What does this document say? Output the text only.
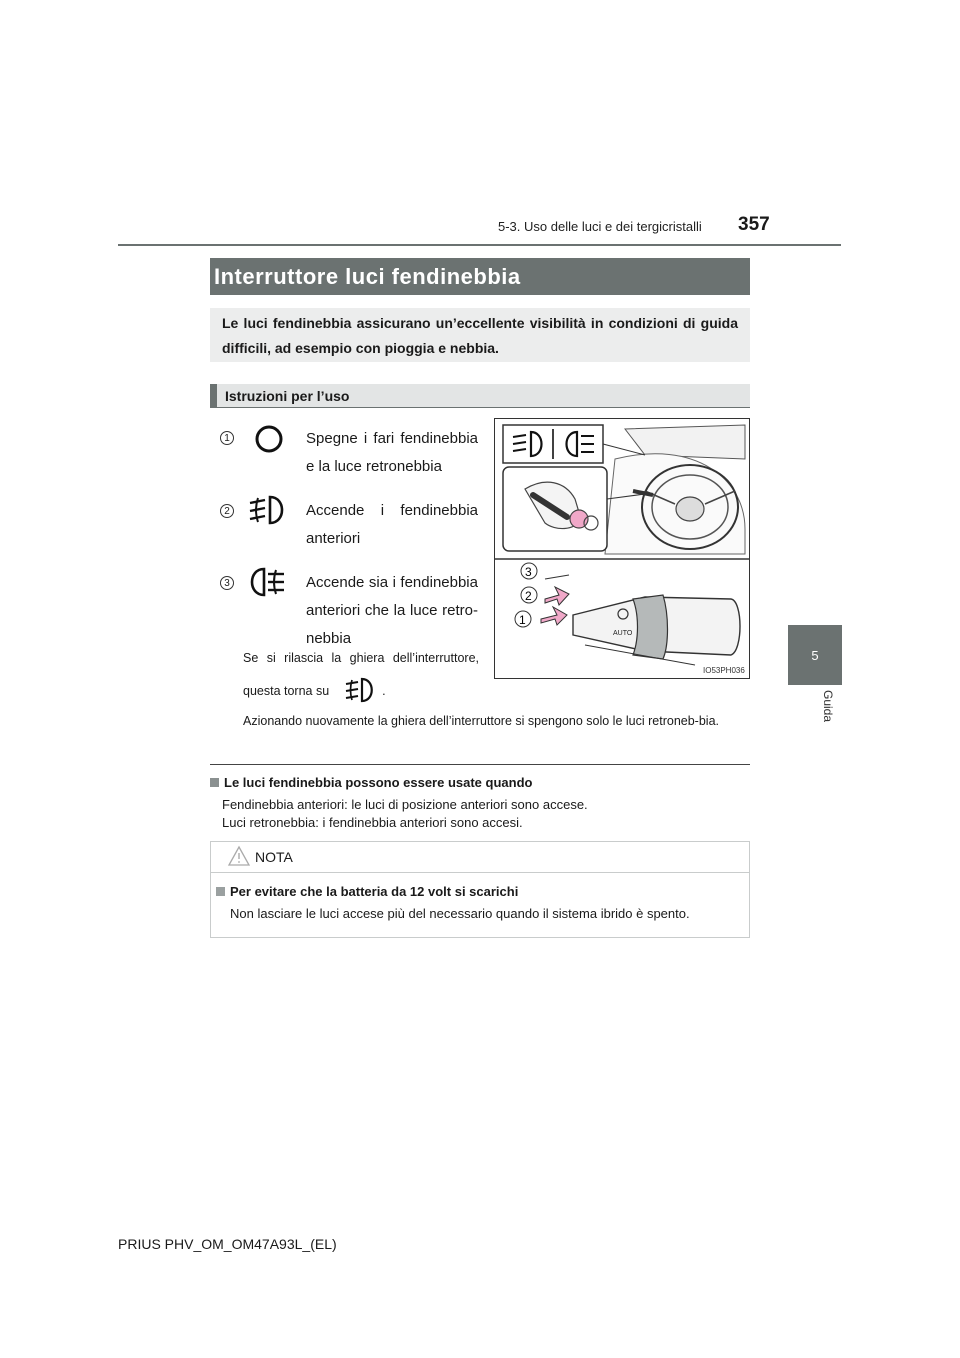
5-3. Uso delle luci e dei tergicristalli 357
5
Guida
Interruttore luci fendinebbia
Le luci fendinebbia assicurano un’eccellente visibilità in condizioni di guida difficili, ad esempio con pioggia e nebbia.
Istruzioni per l’uso
1	Spegne i fari fendinebbia
e la luce retronebbia
2	Accende i fendinebbia
anteriori
3	Accende sia i fendinebbia
anteriori che la luce retro-
nebbia
Se si rilascia la ghiera dell’interruttore,
questa torna su	.
Azionando nuovamente la ghiera dell’interruttore si spengono solo le luci retroneb-bia.
AUTO
3
2
1
IO53PH036
Le luci fendinebbia possono essere usate quando
Fendinebbia anteriori: le luci di posizione anteriori sono accese.
Luci retronebbia: i fendinebbia anteriori sono accesi.
NOTA
Per evitare che la batteria da 12 volt si scarichi
Non lasciare le luci accese più del necessario quando il sistema ibrido è spento.
PRIUS PHV_OM_OM47A93L_(EL)
